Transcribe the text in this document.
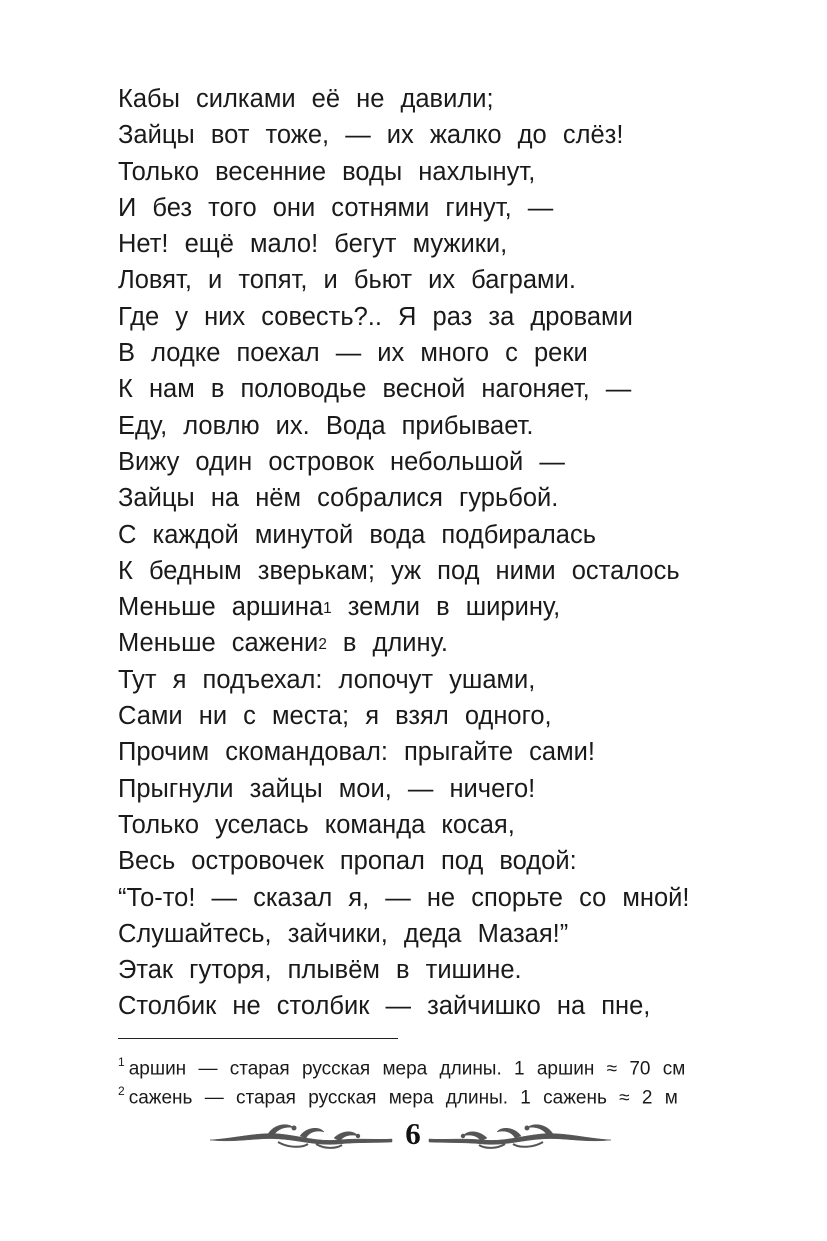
Кабы силками её не давили;
Зайцы вот тоже, — их жалко до слёз!
Только весенние воды нахлынут,
И без того они сотнями гинут, —
Нет! ещё мало! бегут мужики,
Ловят, и топят, и бьют их баграми.
Где у них совесть?.. Я раз за дровами
В лодке поехал — их много с реки
К нам в половодье весной нагоняет, —
Еду, ловлю их. Вода прибывает.
Вижу один островок небольшой —
Зайцы на нём собралися гурьбой.
С каждой минутой вода подбиралась
К бедным зверькам; уж под ними осталось
Меньше аршина$^1$ земли в ширину,
Меньше сажени$^2$ в длину.
Тут я подъехал: лопочут ушами,
Сами ни с места; я взял одного,
Прочим скомандовал: прыгайте сами!
Прыгнули зайцы мои, — ничего!
Только уселась команда косая,
Весь островочек пропал под водой:
“То-то! — сказал я, — не спорьте со мной!
Слушайтесь, зайчики, деда Мазая!”
Этак гуторя, плывём в тишине.
Столбик не столбик — зайчишко на пне,
$^1$ аршин — старая русская мера длины. 1 аршин ≈ 70 см
$^2$ сажень — старая русская мера длины. 1 сажень ≈ 2 м
6
